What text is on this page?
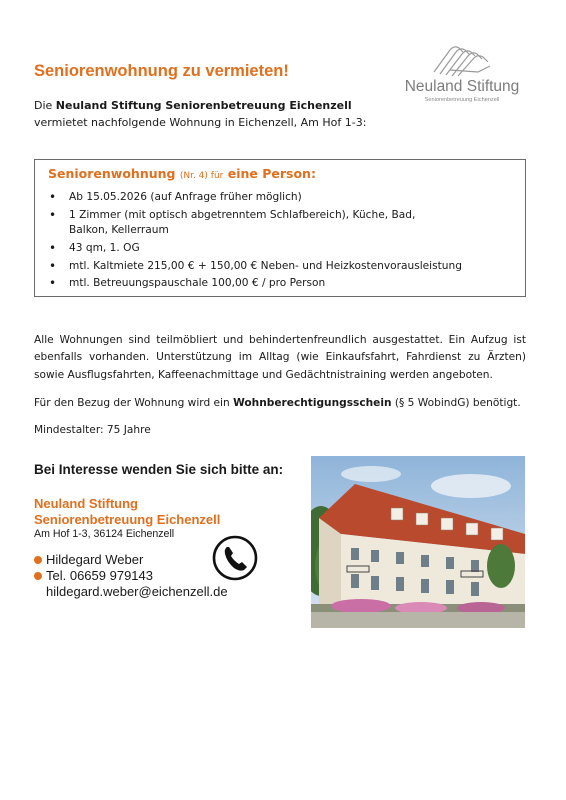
Seniorenwohnung zu vermieten!
Neuland Stiftung
Seniorenbetreuung Eichenzell
Die Neuland Stiftung Seniorenbetreuung Eichenzell
vermietet nachfolgende Wohnung in Eichenzell, Am Hof 1-3:
Seniorenwohnung (Nr. 4) für eine Person:
• Ab 15.05.2026 (auf Anfrage früher möglich)
• 1 Zimmer (mit optisch abgetrenntem Schlafbereich), Küche, Bad,
Balkon, Kellerraum
• 43 qm, 1. OG
• mtl. Kaltmiete 215,00 € + 150,00 € Neben- und Heizkostenvorausleistung
• mtl. Betreuungspauschale 100,00 € / pro Person
Alle Wohnungen sind teilmöbliert und behindertenfreundlich ausgestattet. Ein Aufzug ist ebenfalls vorhanden. Unterstützung im Alltag (wie Einkaufsfahrt, Fahrdienst zu Ärzten) sowie Ausflugsfahrten, Kaffeenachmittage und Gedächtnistraining werden angeboten.
Für den Bezug der Wohnung wird ein Wohnberechtigungsschein (§ 5 WobindG) benötigt.
Mindestalter: 75 Jahre
Bei Interesse wenden Sie sich bitte an:
Neuland Stiftung
Seniorenbetreuung Eichenzell
Am Hof 1-3, 36124 Eichenzell
Hildegard Weber
Tel. 06659 979143
hildegard.weber@eichenzell.de
